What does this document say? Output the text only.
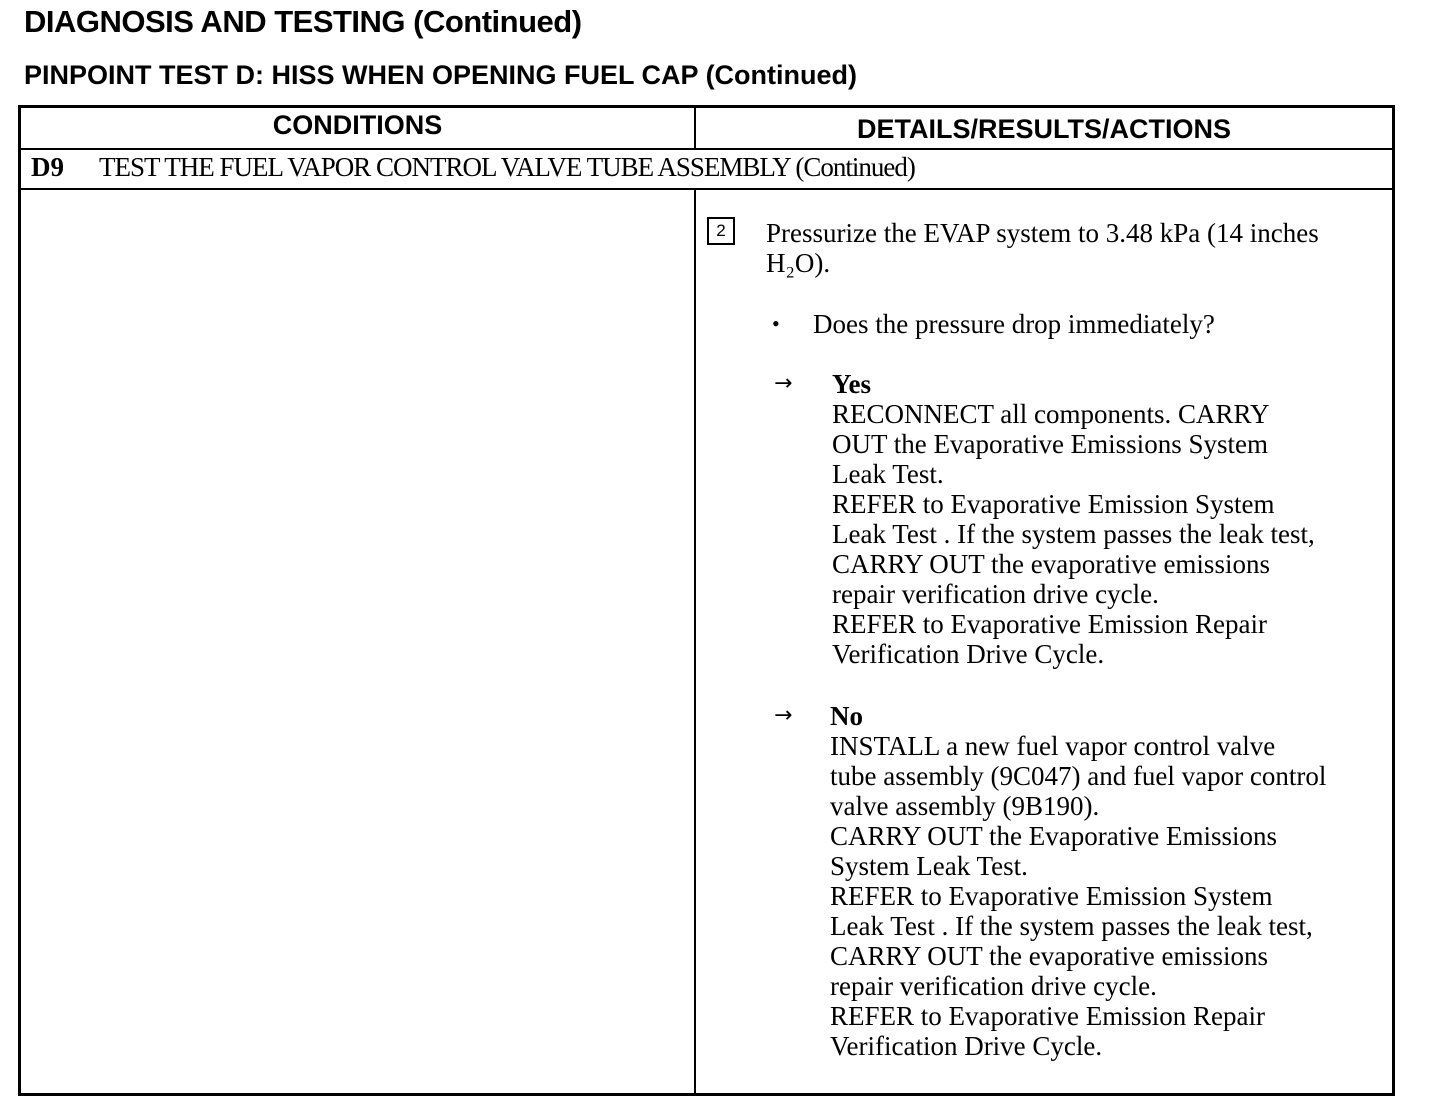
DIAGNOSIS AND TESTING (Continued)
PINPOINT TEST D: HISS WHEN OPENING FUEL CAP (Continued)
CONDITIONS	DETAILS/RESULTS/ACTIONS
D9 TEST THE FUEL VAPOR CONTROL VALVE TUBE ASSEMBLY (Continued)
2	Pressurize the EVAP system to 3.48 kPa (14 inches
H₂O).
• Does the pressure drop immediately?
→ Yes
RECONNECT all components. CARRY
OUT the Evaporative Emissions System
Leak Test.
REFER to Evaporative Emission System
Leak Test . If the system passes the leak test,
CARRY OUT the evaporative emissions
repair verification drive cycle.
REFER to Evaporative Emission Repair
Verification Drive Cycle.
→ No
INSTALL a new fuel vapor control valve
tube assembly (9C047) and fuel vapor control
valve assembly (9B190).
CARRY OUT the Evaporative Emissions
System Leak Test.
REFER to Evaporative Emission System
Leak Test . If the system passes the leak test,
CARRY OUT the evaporative emissions
repair verification drive cycle.
REFER to Evaporative Emission Repair
Verification Drive Cycle.
